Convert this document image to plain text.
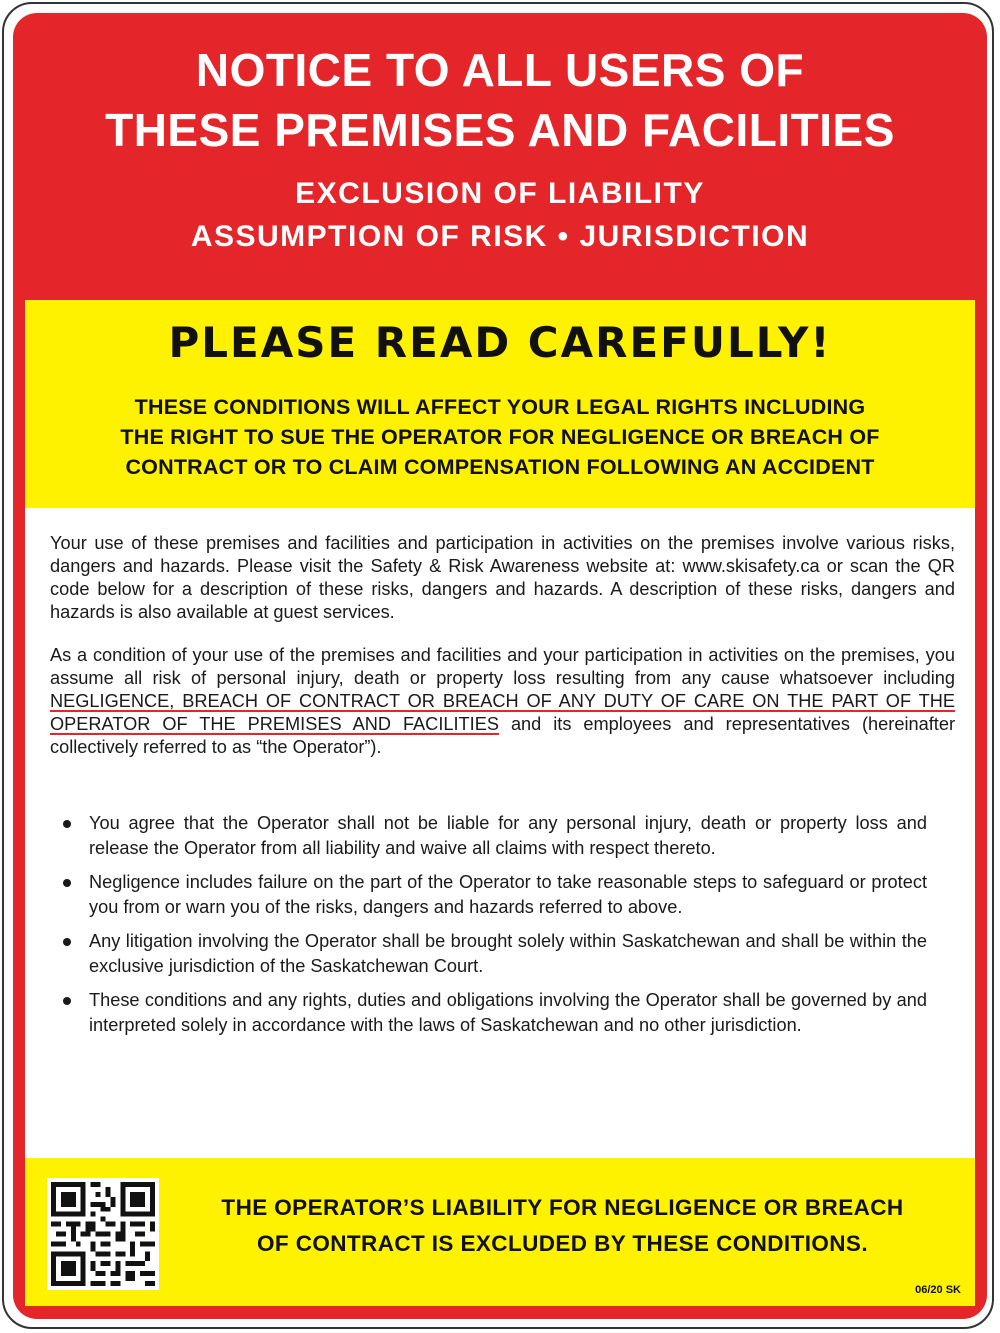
NOTICE TO ALL USERS OF

THESE PREMISES AND FACILITIES

EXCLUSION OF LIABILITY

ASSUMPTION OF RISK • JURISDICTION

PLEASE READ CAREFULLY!
THESE CONDITIONS WILL AFFECT YOUR LEGAL RIGHTS INCLUDING
THE RIGHT TO SUE THE OPERATOR FOR NEGLIGENCE OR BREACH OF
CONTRACT OR TO CLAIM COMPENSATION FOLLOWING AN ACCIDENT

Your use of these premises and facilities and participation in activities on the premises involve various risks, dangers and hazards. Please visit the Safety & Risk Awareness website at: www.skisafety.ca or scan the QR code below for a description of these risks, dangers and hazards. A description of these risks, dangers and hazards is also available at guest services.

As a condition of your use of the premises and facilities and your participation in activities on the premises, you assume all risk of personal injury, death or property loss resulting from any cause whatsoever including NEGLIGENCE, BREACH OF CONTRACT OR BREACH OF ANY DUTY OF CARE ON THE PART OF THE OPERATOR OF THE PREMISES AND FACILITIES and its employees and representatives (hereinafter collectively referred to as “the Operator”).

You agree that the Operator shall not be liable for any personal injury, death or property loss and release the Operator from all liability and waive all claims with respect thereto.
Negligence includes failure on the part of the Operator to take reasonable steps to safeguard or protect you from or warn you of the risks, dangers and hazards referred to above.
Any litigation involving the Operator shall be brought solely within Saskatchewan and shall be within the exclusive jurisdiction of the Saskatchewan Court.
These conditions and any rights, duties and obligations involving the Operator shall be governed by and interpreted solely in accordance with the laws of Saskatchewan and no other jurisdiction.
THE OPERATOR’S LIABILITY FOR NEGLIGENCE OR BREACH
OF CONTRACT IS EXCLUDED BY THESE CONDITIONS.
06/20 SK
